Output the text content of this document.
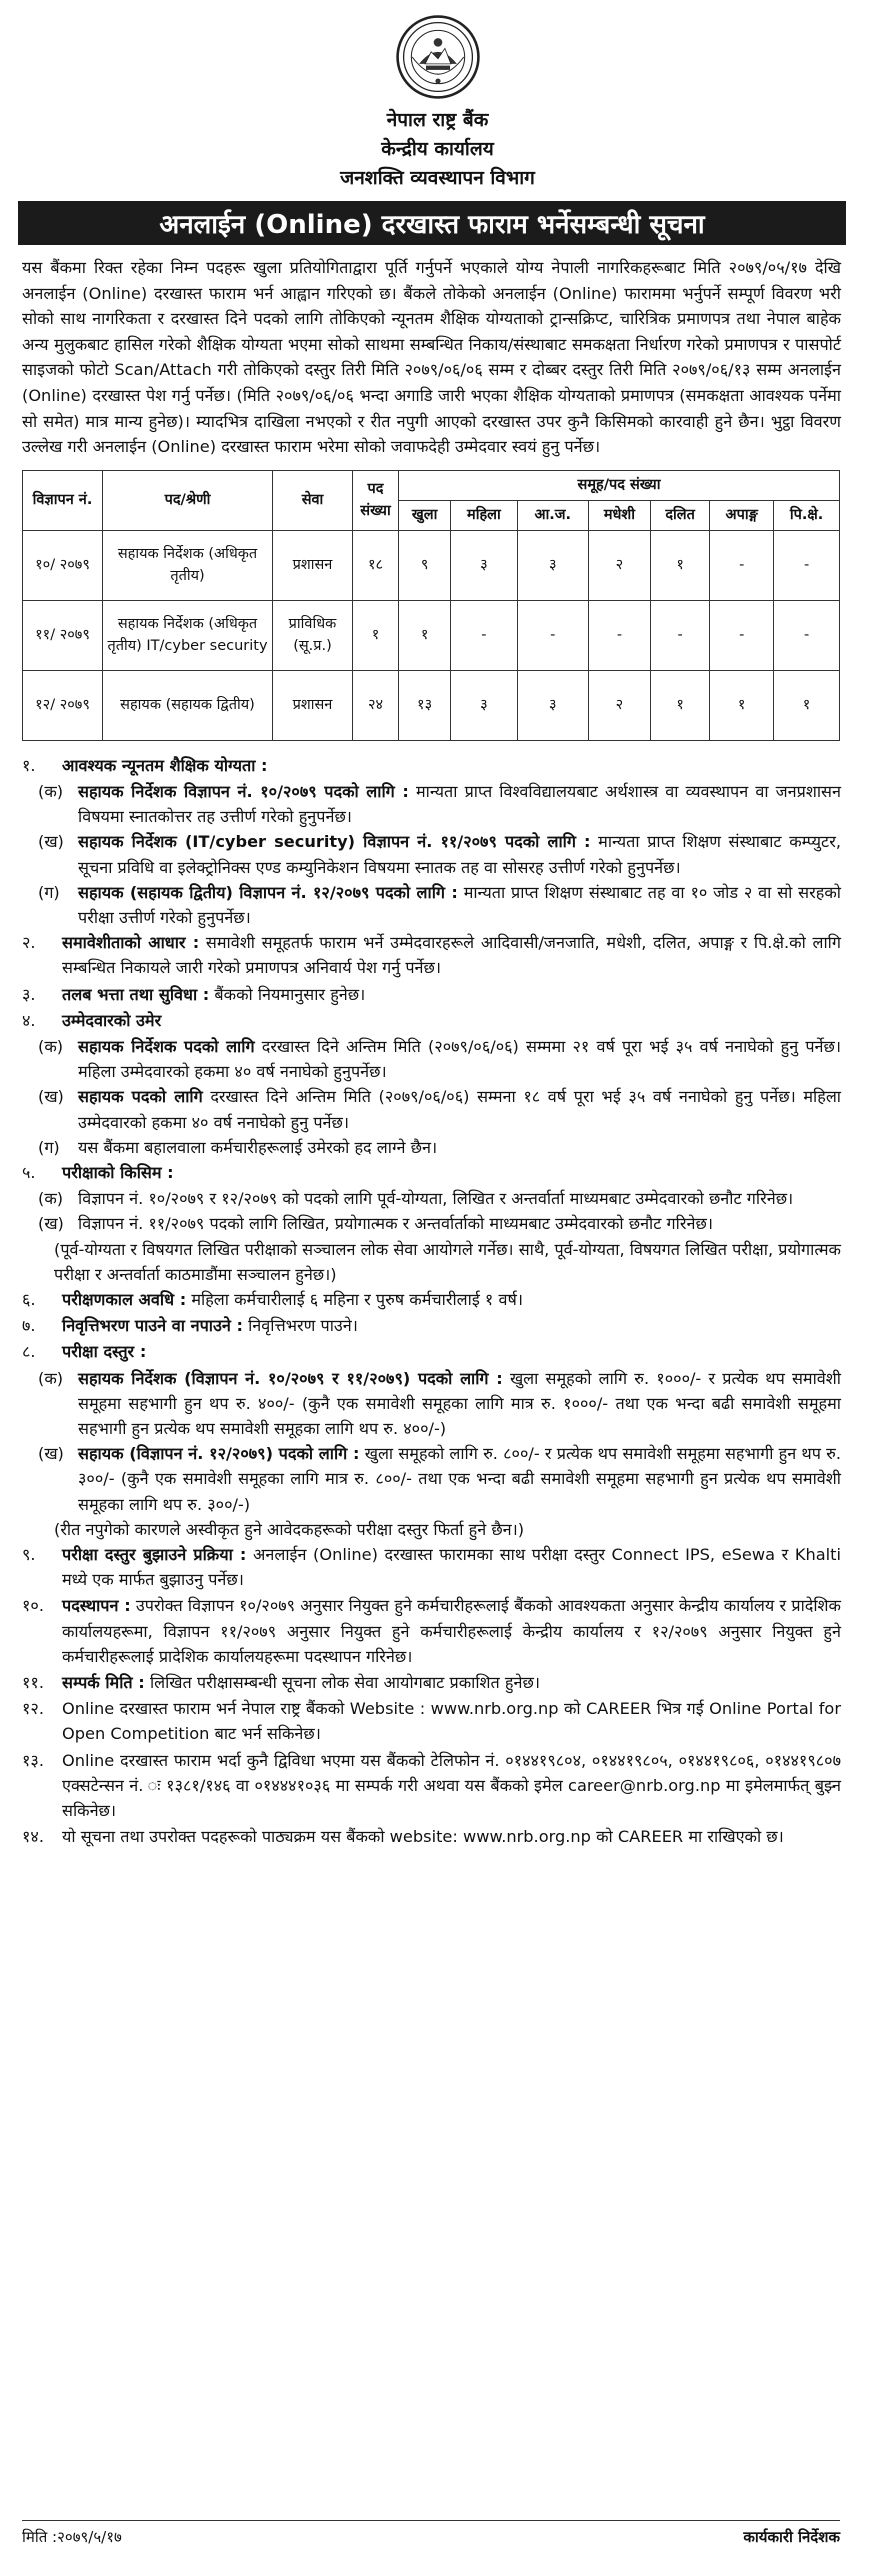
नेपाल राष्ट्र बैंक
केन्द्रीय कार्यालय
जनशक्ति व्यवस्थापन विभाग
अनलाईन (Online) दरखास्त फाराम भर्नेसम्बन्धी सूचना

यस बैंकमा रिक्त रहेका निम्न पदहरू खुला प्रतियोगिताद्वारा पूर्ति गर्नुपर्ने भएकाले योग्य नेपाली नागरिकहरूबाट मिति २०७९/०५/१७ देखि अनलाईन (Online) दरखास्त फाराम भर्न आह्वान गरिएको छ। बैंकले तोकेको अनलाईन (Online) फाराममा भर्नुपर्ने सम्पूर्ण विवरण भरी सोको साथ नागरिकता र दरखास्त दिने पदको लागि तोकिएको न्यूनतम शैक्षिक योग्यताको ट्रान्सक्रिप्ट, चारित्रिक प्रमाणपत्र तथा नेपाल बाहेक अन्य मुलुकबाट हासिल गरेको शैक्षिक योग्यता भएमा सोको साथमा सम्बन्धित निकाय/संस्थाबाट समकक्षता निर्धारण गरेको प्रमाणपत्र र पासपोर्ट साइजको फोटो Scan/Attach गरी तोकिएको दस्तुर तिरी मिति २०७९/०६/०६ सम्म र दोब्बर दस्तुर तिरी मिति २०७९/०६/१३ सम्म अनलाईन (Online) दरखास्त पेश गर्नु पर्नेछ। (मिति २०७९/०६/०६ भन्दा अगाडि जारी भएका शैक्षिक योग्यताको प्रमाणपत्र (समकक्षता आवश्यक पर्नेमा सो समेत) मात्र मान्य हुनेछ)। म्यादभित्र दाखिला नभएको र रीत नपुगी आएको दरखास्त उपर कुनै किसिमको कारवाही हुने छैन। भुट्ठा विवरण उल्लेख गरी अनलाईन (Online) दरखास्त फाराम भरेमा सोको जवाफदेही उम्मेदवार स्वयं हुनु पर्नेछ।

विज्ञापन नं.	पद/श्रेणी	सेवा	पद संख्या	समूह/पद संख्या						
				खुला	महिला	आ.ज.	मधेशी	दलित	अपाङ्ग	पि.क्षे.
१०/ २०७९	सहायक निर्देशक (अधिकृत तृतीय)	प्रशासन	१८	९	३	३	२	१	-	-
११/ २०७९	सहायक निर्देशक (अधिकृत तृतीय) IT/cyber security	प्राविधिक (सू.प्र.)	१	१	-	-	-	-	-	-
१२/ २०७९	सहायक (सहायक द्वितीय)	प्रशासन	२४	१३	३	३	२	१	१	१
१.	आवश्यक न्यूनतम शैक्षिक योग्यता :
(क) सहायक निर्देशक विज्ञापन नं. १०/२०७९ पदको लागि : मान्यता प्राप्त विश्वविद्यालयबाट अर्थशास्त्र वा व्यवस्थापन वा जनप्रशासन विषयमा स्नातकोत्तर तह उत्तीर्ण गरेको हुनुपर्नेछ।
(ख) सहायक निर्देशक (IT/cyber security) विज्ञापन नं. ११/२०७९ पदको लागि : मान्यता प्राप्त शिक्षण संस्थाबाट कम्प्युटर, सूचना प्रविधि वा इलेक्ट्रोनिक्स एण्ड कम्युनिकेशन विषयमा स्नातक तह वा सोसरह उत्तीर्ण गरेको हुनुपर्नेछ।
(ग)	सहायक (सहायक द्वितीय) विज्ञापन नं. १२/२०७९ पदको लागि : मान्यता प्राप्त शिक्षण संस्थाबाट तह वा १० जोड २ वा सो सरहको परीक्षा उत्तीर्ण गरेको हुनुपर्नेछ।
२.	समावेशीताको आधार : समावेशी समूहतर्फ फाराम भर्ने उम्मेदवारहरूले आदिवासी/जनजाति, मधेशी, दलित, अपाङ्ग र पि.क्षे.को लागि सम्बन्धित निकायले जारी गरेको प्रमाणपत्र अनिवार्य पेश गर्नु पर्नेछ।
३.	तलब भत्ता तथा सुविधा : बैंकको नियमानुसार हुनेछ।
४.	उम्मेदवारको उमेर
(क) सहायक निर्देशक पदको लागि दरखास्त दिने अन्तिम मिति (२०७९/०६/०६) सम्ममा २१ वर्ष पूरा भई ३५ वर्ष ननाघेको हुनु पर्नेछ। महिला उम्मेदवारको हकमा ४० वर्ष ननाघेको हुनुपर्नेछ।
(ख) सहायक पदको लागि दरखास्त दिने अन्तिम मिति (२०७९/०६/०६) सम्मना १८ वर्ष पूरा भई ३५ वर्ष ननाघेको हुनु पर्नेछ। महिला उम्मेदवारको हकमा ४० वर्ष ननाघेको हुनु पर्नेछ।
(ग)	यस बैंकमा बहालवाला कर्मचारीहरूलाई उमेरको हद लाग्ने छैन।
५.	परीक्षाको किसिम :
(क) विज्ञापन नं. १०/२०७९ र १२/२०७९ को पदको लागि पूर्व-योग्यता, लिखित र अन्तर्वार्ता माध्यमबाट उम्मेदवारको छनौट गरिनेछ।
(ख) विज्ञापन नं. ११/२०७९ पदको लागि लिखित, प्रयोगात्मक र अन्तर्वार्ताको माध्यमबाट उम्मेदवारको छनौट गरिनेछ।
(पूर्व-योग्यता र विषयगत लिखित परीक्षाको सञ्चालन लोक सेवा आयोगले गर्नेछ। साथै, पूर्व-योग्यता, विषयगत लिखित परीक्षा, प्रयोगात्मक परीक्षा र अन्तर्वार्ता काठमाडौंमा सञ्चालन हुनेछ।)
६.	परीक्षणकाल अवधि : महिला कर्मचारीलाई ६ महिना र पुरुष कर्मचारीलाई १ वर्ष।
७.	निवृत्तिभरण पाउने वा नपाउने : निवृत्तिभरण पाउने।
८.	परीक्षा दस्तुर :
(क) सहायक निर्देशक (विज्ञापन नं. १०/२०७९ र ११/२०७९) पदको लागि : खुला समूहको लागि रु. १०००/- र प्रत्येक थप समावेशी समूहमा सहभागी हुन थप रु. ४००/- (कुनै एक समावेशी समूहका लागि मात्र रु. १०००/- तथा एक भन्दा बढी समावेशी समूहमा सहभागी हुन प्रत्येक थप समावेशी समूहका लागि थप रु. ४००/-)
(ख) सहायक (विज्ञापन नं. १२/२०७९) पदको लागि : खुला समूहको लागि रु. ८००/- र प्रत्येक थप समावेशी समूहमा सहभागी हुन थप रु. ३००/- (कुनै एक समावेशी समूहका लागि मात्र रु. ८००/- तथा एक भन्दा बढी समावेशी समूहमा सहभागी हुन प्रत्येक थप समावेशी समूहका लागि थप रु. ३००/-)
(रीत नपुगेको कारणले अस्वीकृत हुने आवेदकहरूको परीक्षा दस्तुर फिर्ता हुने छैन।)
९.	परीक्षा दस्तुर बुझाउने प्रक्रिया : अनलाईन (Online) दरखास्त फारामका साथ परीक्षा दस्तुर Connect IPS, eSewa र Khalti मध्ये एक मार्फत बुझाउनु पर्नेछ।
१०.	पदस्थापन : उपरोक्त विज्ञापन १०/२०७९ अनुसार नियुक्त हुने कर्मचारीहरूलाई बैंकको आवश्यकता अनुसार केन्द्रीय कार्यालय र प्रादेशिक कार्यालयहरूमा, विज्ञापन ११/२०७९ अनुसार नियुक्त हुने कर्मचारीहरूलाई केन्द्रीय कार्यालय र १२/२०७९ अनुसार नियुक्त हुने कर्मचारीहरूलाई प्रादेशिक कार्यालयहरूमा पदस्थापन गरिनेछ।
११.	सम्पर्क मिति : लिखित परीक्षासम्बन्धी सूचना लोक सेवा आयोगबाट प्रकाशित हुनेछ।
१२.	Online दरखास्त फाराम भर्न नेपाल राष्ट्र बैंकको Website : www.nrb.org.np को CAREER भित्र गई Online Portal for Open Competition बाट भर्न सकिनेछ।
१३.	Online दरखास्त फाराम भर्दा कुनै द्विविधा भएमा यस बैंकको टेलिफोन नं. ०१४४१९८०४, ०१४४१९८०५, ०१४४१९८०६, ०१४४१९८०७ एक्सटेन्सन नं. ः १३८१/१४६ वा ०१४४४१०३६ मा सम्पर्क गरी अथवा यस बैंकको इमेल career@nrb.org.np मा इमेलमार्फत् बुझ्न सकिनेछ।
१४.	यो सूचना तथा उपरोक्त पदहरूको पाठ्यक्रम यस बैंकको website: www.nrb.org.np को CAREER मा राखिएको छ।
मिति :२०७९/५/१७	कार्यकारी निर्देशक
